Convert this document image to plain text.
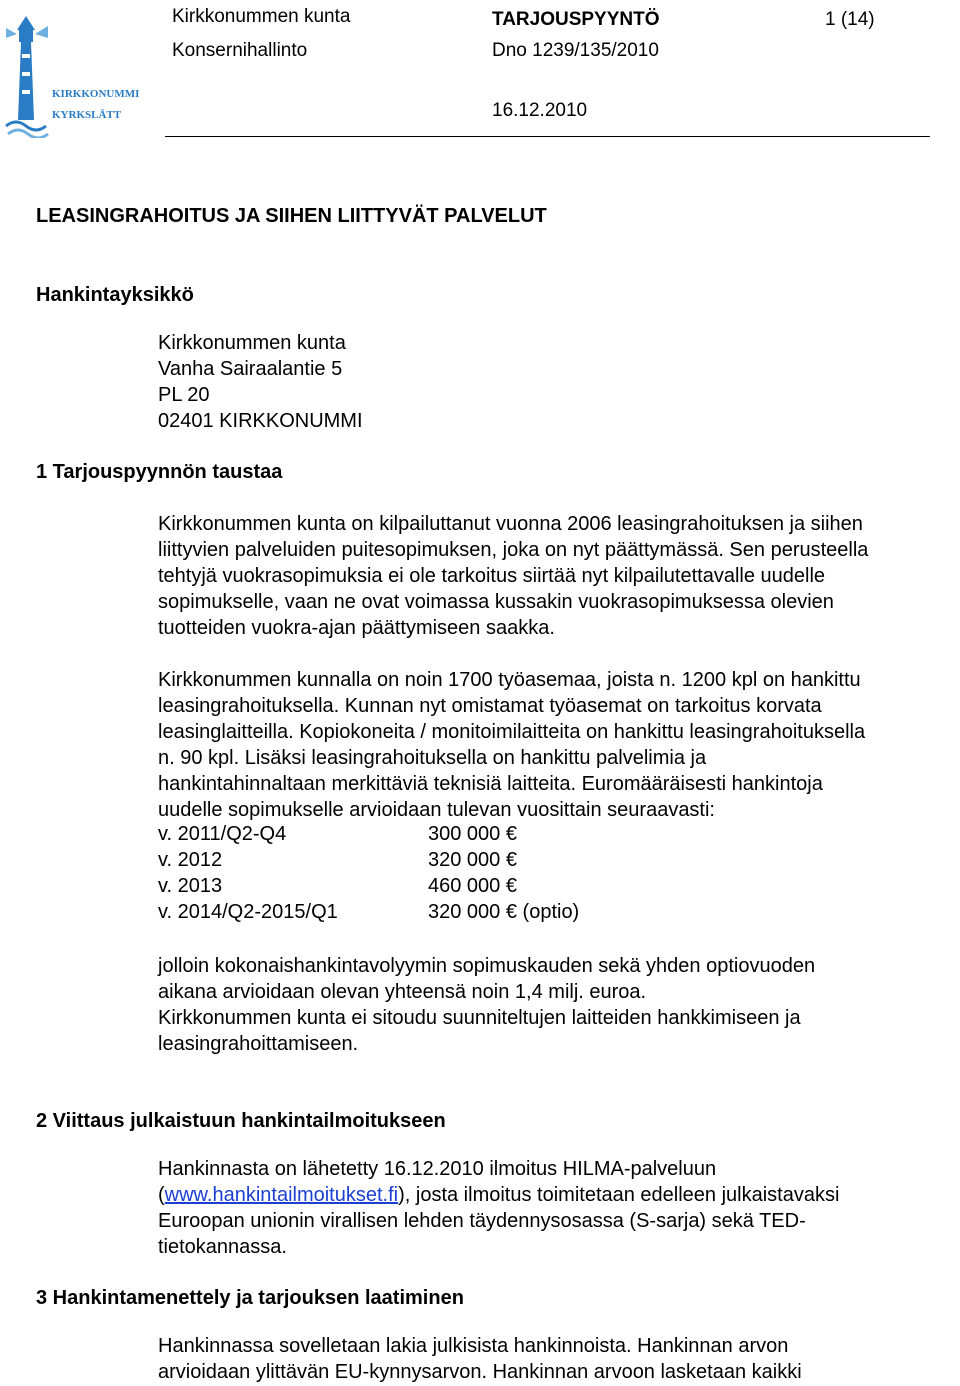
KIRKKONUMMI
KYRKSLÄTT
Kirkkonummen kunta
Konsernihallinto
TARJOUSPYYNTÖ
Dno 1239/135/2010
16.12.2010
1 (14)
LEASINGRAHOITUS JA SIIHEN LIITTYVÄT PALVELUT
Hankintayksikkö
Kirkkonummen kunta
Vanha Sairaalantie 5
PL 20
02401 KIRKKONUMMI
1 Tarjouspyynnön taustaa
Kirkkonummen kunta on kilpailuttanut vuonna 2006 leasingrahoituksen ja siihen
liittyvien palveluiden puitesopimuksen, joka on nyt päättymässä. Sen perusteella
tehtyjä vuokrasopimuksia ei ole tarkoitus siirtää nyt kilpailutettavalle uudelle
sopimukselle, vaan ne ovat voimassa kussakin vuokrasopimuksessa olevien
tuotteiden vuokra-ajan päättymiseen saakka.
Kirkkonummen kunnalla on noin 1700 työasemaa, joista n. 1200 kpl on hankittu
leasingrahoituksella. Kunnan nyt omistamat työasemat on tarkoitus korvata
leasinglaitteilla. Kopiokoneita / monitoimilaitteita on hankittu leasingrahoituksella
n. 90 kpl. Lisäksi leasingrahoituksella on hankittu palvelimia ja
hankintahinnaltaan merkittäviä teknisiä laitteita. Euromääräisesti hankintoja
uudelle sopimukselle arvioidaan tulevan vuosittain seuraavasti:
v. 2011/Q2-Q4	300 000 €
v. 2012	320 000 €
v. 2013	460 000 €
v. 2014/Q2-2015/Q1	320 000 € (optio)
jolloin kokonaishankintavolyymin sopimuskauden sekä yhden optiovuoden
aikana arvioidaan olevan yhteensä noin 1,4 milj. euroa.
Kirkkonummen kunta ei sitoudu suunniteltujen laitteiden hankkimiseen ja
leasingrahoittamiseen.
2 Viittaus julkaistuun hankintailmoitukseen
Hankinnasta on lähetetty 16.12.2010 ilmoitus HILMA-palveluun
(www.hankintailmoitukset.fi), josta ilmoitus toimitetaan edelleen julkaistavaksi
Euroopan unionin virallisen lehden täydennysosassa (S-sarja) sekä TED-
tietokannassa.
3 Hankintamenettely ja tarjouksen laatiminen
Hankinnassa sovelletaan lakia julkisista hankinnoista. Hankinnan arvon
arvioidaan ylittävän EU-kynnysarvon. Hankinnan arvoon lasketaan kaikki
